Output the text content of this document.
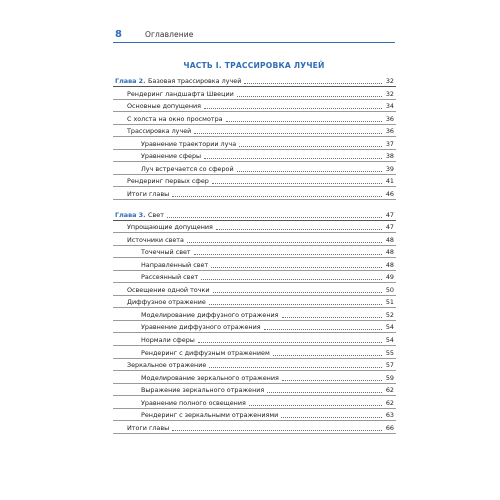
8	Оглавление
ЧАСТЬ I. ТРАССИРОВКА ЛУЧЕЙ
Глава 2. Базовая трассировка лучей	32
Рендеринг ландшафта Швеции	32
Основные допущения	34
С холста на окно просмотра	36
Трассировка лучей	36
Уравнение траектории луча	37
Уравнение сферы	38
Луч встречается со сферой	39
Рендеринг первых сфер	41
Итоги главы	46
Глава 3. Свет	47
Упрощающие допущения	47
Источники света	48
Точечный свет	48
Направленный свет	48
Рассеянный свет	49
Освещение одной точки	50
Диффузное отражение	51
Моделирование диффузного отражения	52
Уравнение диффузного отражения	54
Нормали сферы	54
Рендеринг с диффузным отражением	55
Зеркальное отражение	57
Моделирование зеркального отражения	59
Выражение зеркального отражения	62
Уравнение полного освещения	62
Рендеринг с зеркальными отражениями	63
Итоги главы	66
